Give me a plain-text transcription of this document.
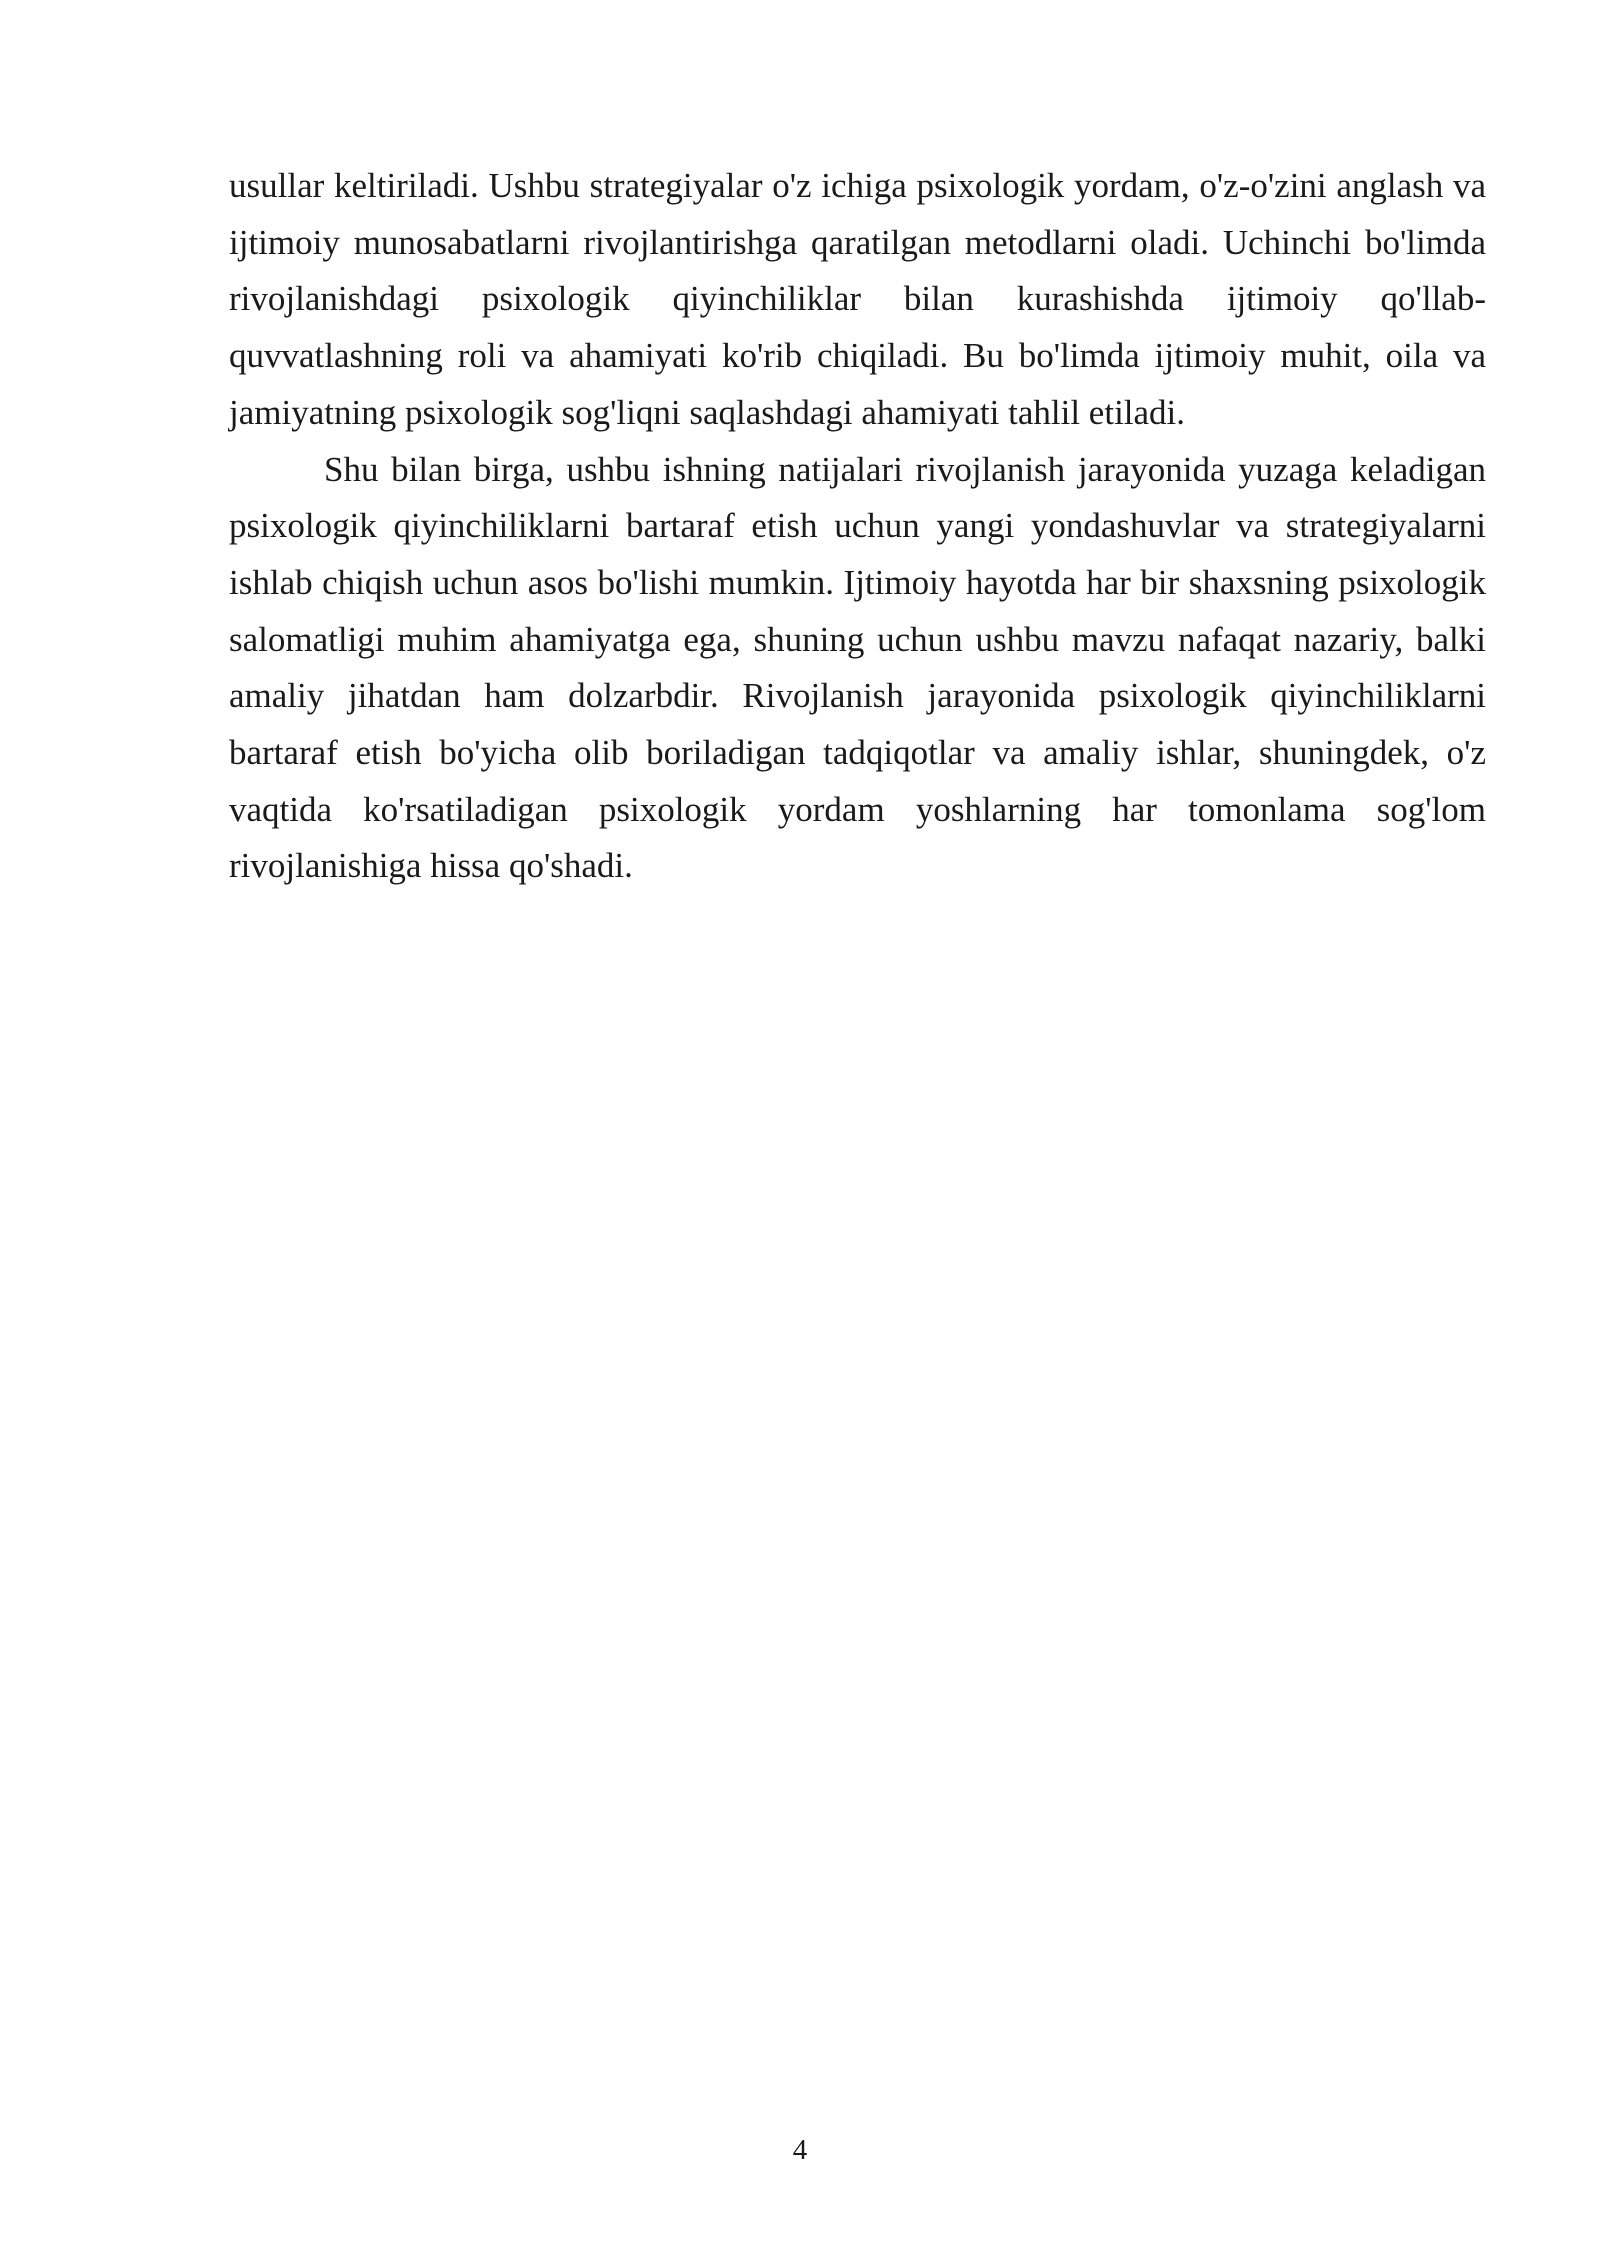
usullar keltiriladi. Ushbu strategiyalar o'z ichiga psixologik yordam, o'z-o'zini anglash va ijtimoiy munosabatlarni rivojlantirishga qaratilgan metodlarni oladi. Uchinchi bo'limda rivojlanishdagi psixologik qiyinchiliklar bilan kurashishda ijtimoiy qo'llab-quvvatlashning roli va ahamiyati ko'rib chiqiladi. Bu bo'limda ijtimoiy muhit, oila va jamiyatning psixologik sog'liqni saqlashdagi ahamiyati tahlil etiladi.

Shu bilan birga, ushbu ishning natijalari rivojlanish jarayonida yuzaga keladigan psixologik qiyinchiliklarni bartaraf etish uchun yangi yondashuvlar va strategiyalarni ishlab chiqish uchun asos bo'lishi mumkin. Ijtimoiy hayotda har bir shaxsning psixologik salomatligi muhim ahamiyatga ega, shuning uchun ushbu mavzu nafaqat nazariy, balki amaliy jihatdan ham dolzarbdir. Rivojlanish jarayonida psixologik qiyinchiliklarni bartaraf etish bo'yicha olib boriladigan tadqiqotlar va amaliy ishlar, shuningdek, o'z vaqtida ko'rsatiladigan psixologik yordam yoshlarning har tomonlama sog'lom rivojlanishiga hissa qo'shadi.

4
